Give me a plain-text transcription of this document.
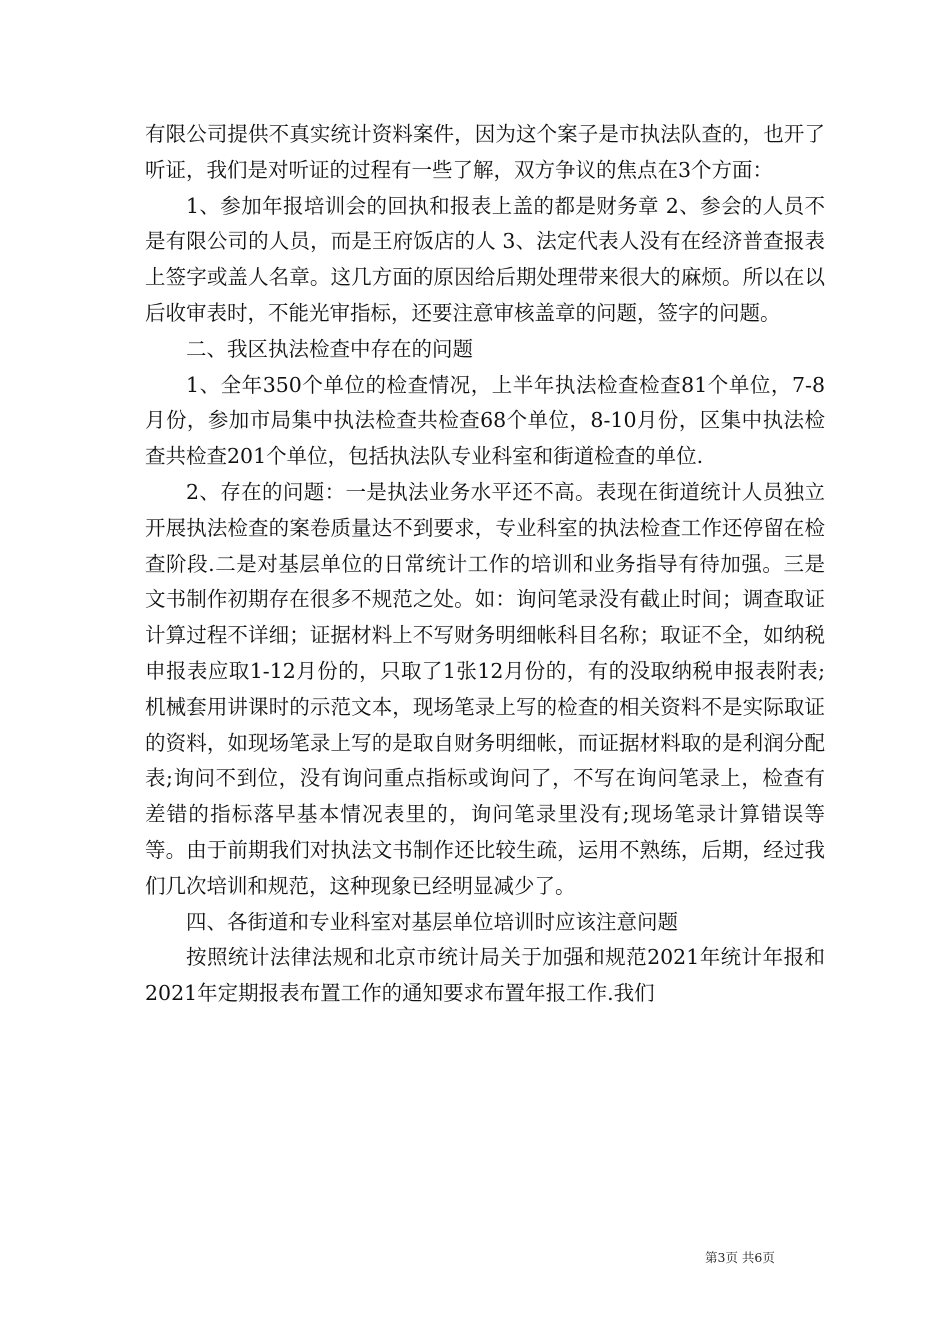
有限公司提供不真实统计资料案件，因为这个案子是市执法队查的，也开了听证，我们是对听证的过程有一些了解，双方争议的焦点在3个方面：

1、参加年报培训会的回执和报表上盖的都是财务章 2、参会的人员不是有限公司的人员，而是王府饭店的人 3、法定代表人没有在经济普查报表上签字或盖人名章。这几方面的原因给后期处理带来很大的麻烦。所以在以后收审表时，不能光审指标，还要注意审核盖章的问题，签字的问题。

二、我区执法检查中存在的问题

1、全年350个单位的检查情况，上半年执法检查检查81个单位，7-8月份，参加市局集中执法检查共检查68个单位，8-10月份，区集中执法检查共检查201个单位，包括执法队专业科室和街道检查的单位.

2、存在的问题：一是执法业务水平还不高。表现在街道统计人员独立开展执法检查的案卷质量达不到要求，专业科室的执法检查工作还停留在检查阶段.二是对基层单位的日常统计工作的培训和业务指导有待加强。三是文书制作初期存在很多不规范之处。如：询问笔录没有截止时间；调查取证计算过程不详细；证据材料上不写财务明细帐科目名称；取证不全，如纳税申报表应取1-12月份的，只取了1张12月份的，有的没取纳税申报表附表;机械套用讲课时的示范文本，现场笔录上写的检查的相关资料不是实际取证的资料，如现场笔录上写的是取自财务明细帐，而证据材料取的是利润分配表;询问不到位，没有询问重点指标或询问了，不写在询问笔录上，检查有差错的指标落早基本情况表里的，询问笔录里没有;现场笔录计算错误等等。由于前期我们对执法文书制作还比较生疏，运用不熟练，后期，经过我们几次培训和规范，这种现象已经明显减少了。

四、各街道和专业科室对基层单位培训时应该注意问题

按照统计法律法规和北京市统计局关于加强和规范2021年统计年报和2021年定期报表布置工作的通知要求布置年报工作.我们

第3页 共6页
